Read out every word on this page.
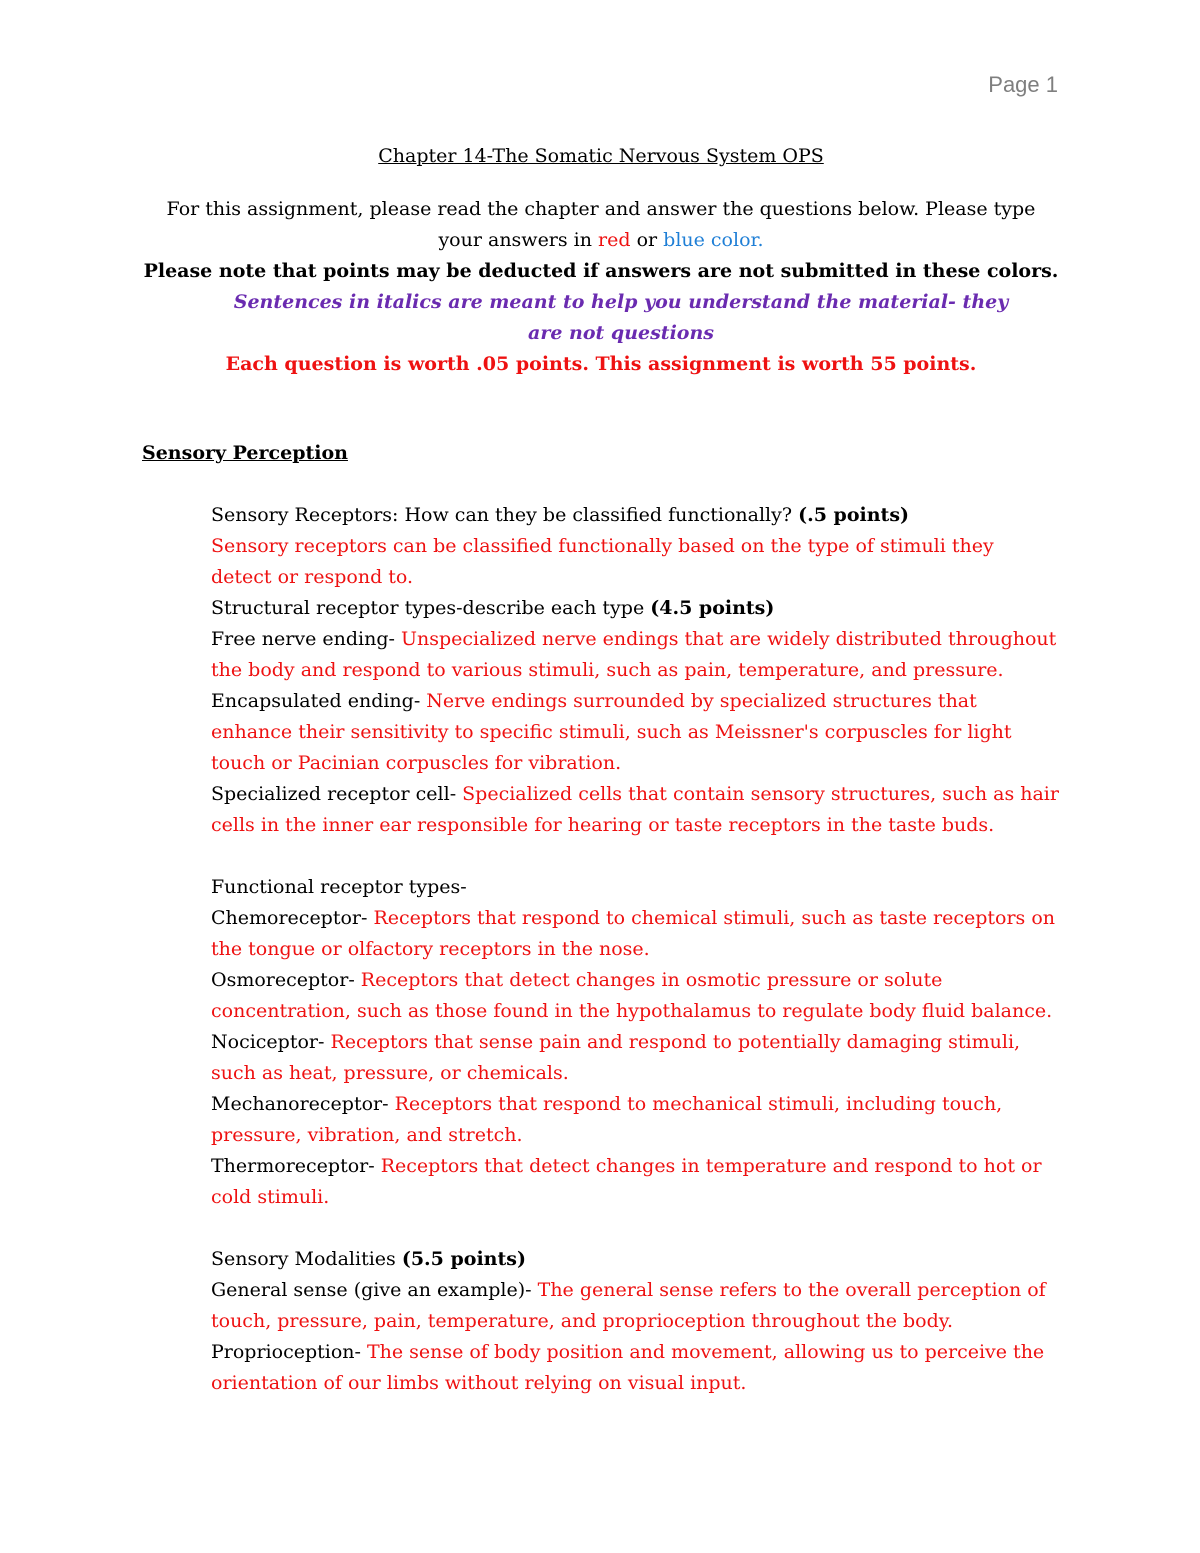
Page 1
Chapter 14-The Somatic Nervous System OPS
For this assignment, please read the chapter and answer the questions below. Please type your answers in red or blue color.
Please note that points may be deducted if answers are not submitted in these colors.
Sentences in italics are meant to help you understand the material- they are not questions
Each question is worth .05 points. This assignment is worth 55 points.
Sensory Perception
Sensory Receptors: How can they be classified functionally? (.5 points)
Sensory receptors can be classified functionally based on the type of stimuli they detect or respond to.
Structural receptor types-describe each type (4.5 points)
Free nerve ending- Unspecialized nerve endings that are widely distributed throughout the body and respond to various stimuli, such as pain, temperature, and pressure.
Encapsulated ending- Nerve endings surrounded by specialized structures that enhance their sensitivity to specific stimuli, such as Meissner's corpuscles for light touch or Pacinian corpuscles for vibration.
Specialized receptor cell- Specialized cells that contain sensory structures, such as hair cells in the inner ear responsible for hearing or taste receptors in the taste buds.
Functional receptor types-
Chemoreceptor- Receptors that respond to chemical stimuli, such as taste receptors on the tongue or olfactory receptors in the nose.
Osmoreceptor- Receptors that detect changes in osmotic pressure or solute concentration, such as those found in the hypothalamus to regulate body fluid balance.
Nociceptor- Receptors that sense pain and respond to potentially damaging stimuli, such as heat, pressure, or chemicals.
Mechanoreceptor- Receptors that respond to mechanical stimuli, including touch, pressure, vibration, and stretch.
Thermoreceptor- Receptors that detect changes in temperature and respond to hot or cold stimuli.
Sensory Modalities (5.5 points)
General sense (give an example)- The general sense refers to the overall perception of touch, pressure, pain, temperature, and proprioception throughout the body.
Proprioception- The sense of body position and movement, allowing us to perceive the orientation of our limbs without relying on visual input.
